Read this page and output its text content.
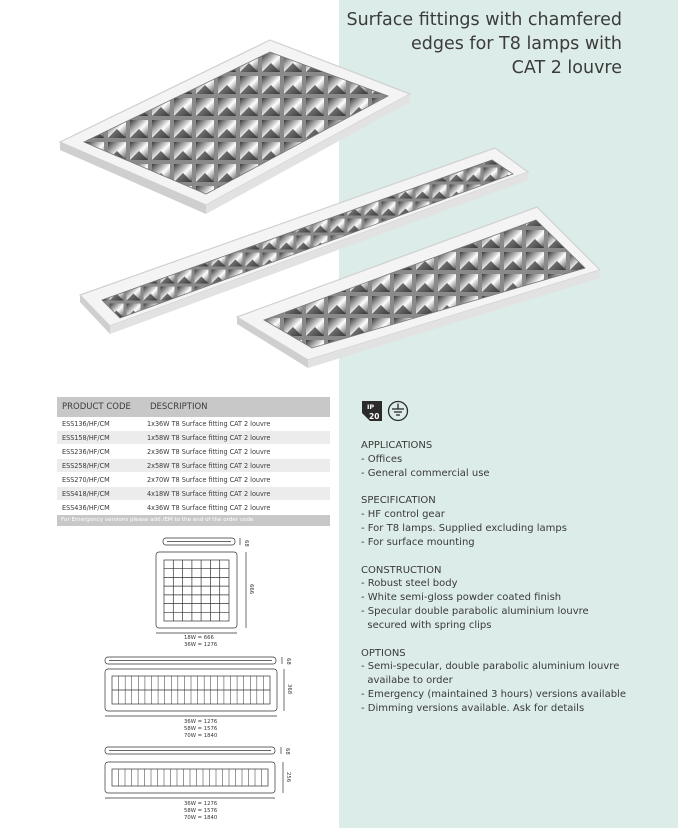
Surface fittings with chamfered
edges for T8 lamps with
CAT 2 louvre
PRODUCT CODE	DESCRIPTION
ESS136/HF/CM	1x36W T8 Surface fitting CAT 2 louvre
ESS158/HF/CM	1x58W T8 Surface fitting CAT 2 louvre
ESS236/HF/CM	2x36W T8 Surface fitting CAT 2 louvre
ESS258/HF/CM	2x58W T8 Surface fitting CAT 2 louvre
ESS270/HF/CM	2x70W T8 Surface fitting CAT 2 louvre
ESS418/HF/CM	4x18W T8 Surface fitting CAT 2 louvre
ESS436/HF/CM	4x36W T8 Surface fitting CAT 2 louvre
For Emergency versions please add /EM to the end of the order code
68
666
18W = 666
36W = 1276
68
368
36W = 1276
58W = 1576
70W = 1840
68
256
36W = 1276
58W = 1576
70W = 1840
IP
20
APPLICATIONS
- Offices
- General commercial use
SPECIFICATION
- HF control gear
- For T8 lamps. Supplied excluding lamps
- For surface mounting
CONSTRUCTION
- Robust steel body
- White semi-gloss powder coated finish
- Specular double parabolic aluminium louvre
secured with spring clips
OPTIONS
- Semi-specular, double parabolic aluminium louvre
availabe to order
- Emergency (maintained 3 hours) versions available
- Dimming versions available. Ask for details
